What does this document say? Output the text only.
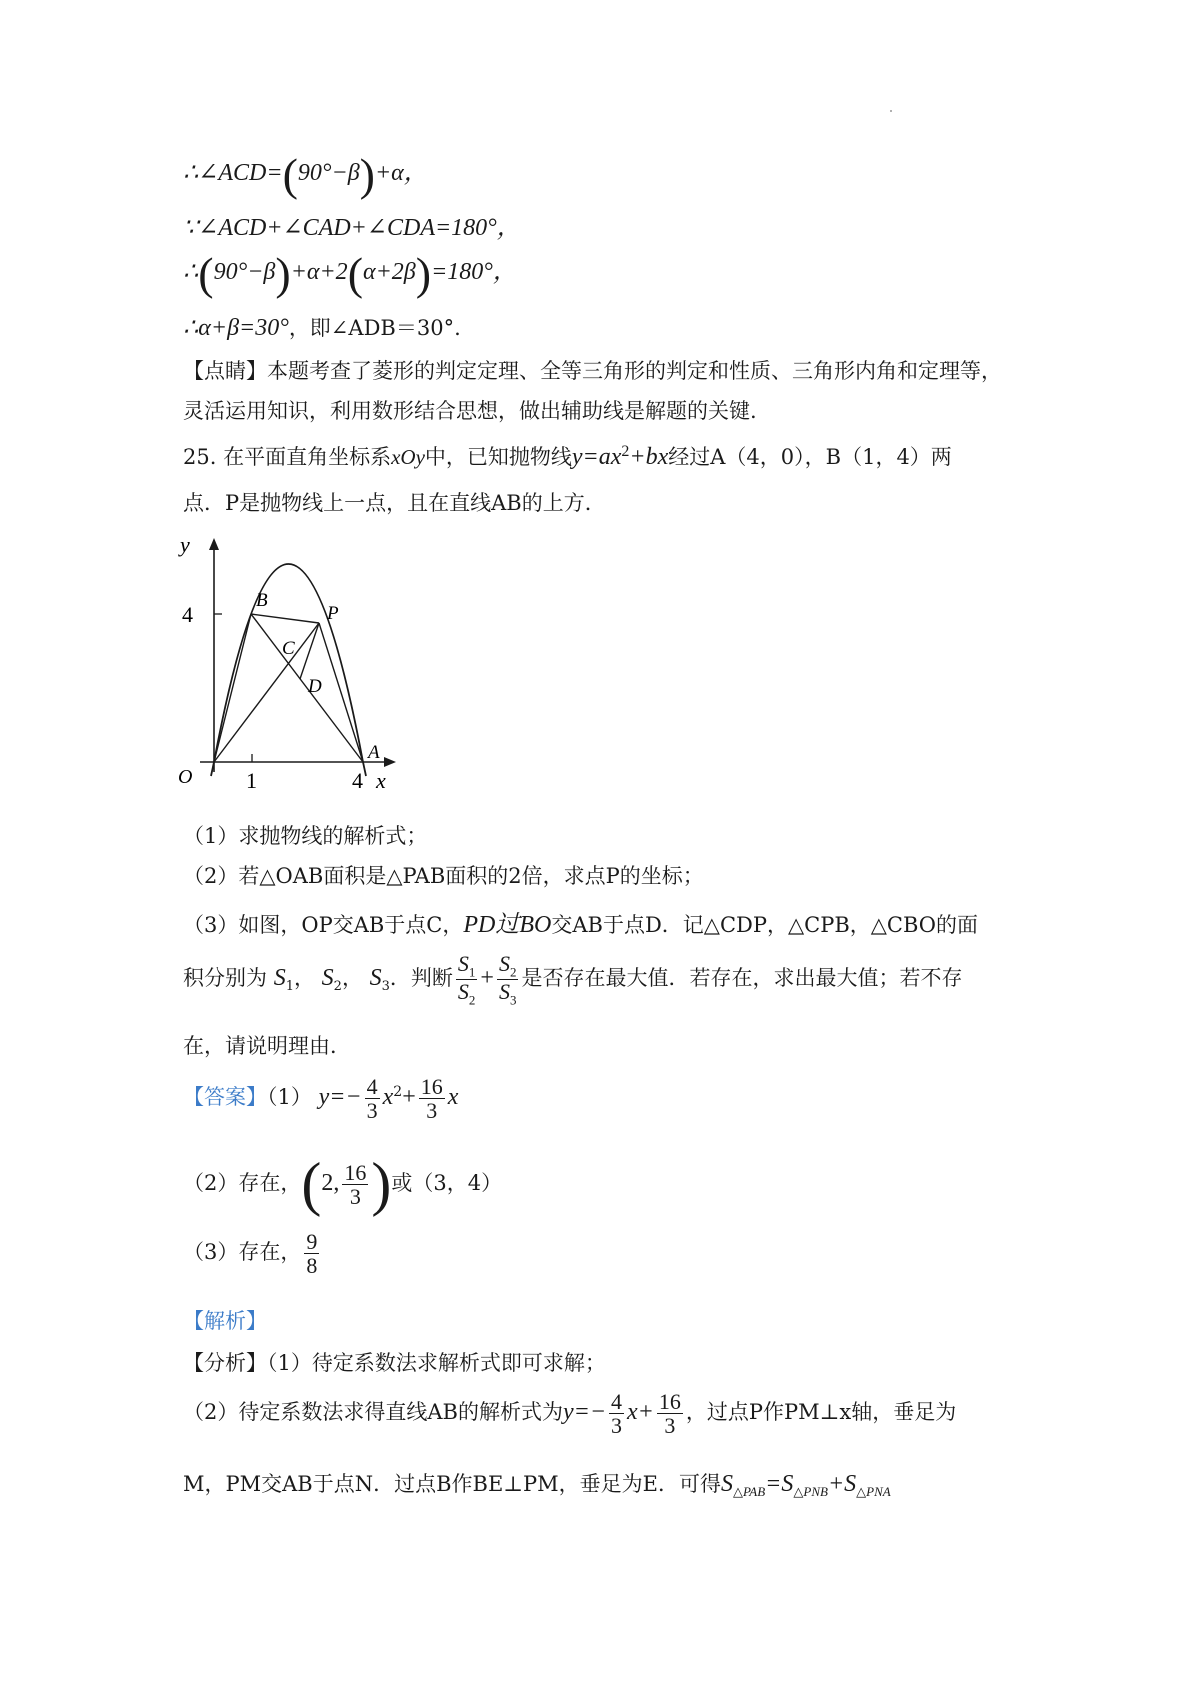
∴∠ACD=(90°−β)+α，
∵∠ACD+∠CAD+∠CDA=180°，
∴(90°−β)+α+2(α+2β)=180°，
∴α+β=30°，即∠ADB＝30°.
【点睛】本题考查了菱形的判定定理、全等三角形的判定和性质、三角形内角和定理等，
灵活运用知识，利用数形结合思想，做出辅助线是解题的关键.
25. 在平面直角坐标系xOy中，已知抛物线$y=ax^2+bx$经过A（4，0），B（1，4）两
点．P是抛物线上一点，且在直线AB的上方．
y
4
O 1	4 x
A
B
P
C
D
（1）求抛物线的解析式；
（2）若△OAB面积是△PAB面积的2倍，求点P的坐标；
（3）如图，OP交AB于点C，PD过BO交AB于点D．记△CDP，△CPB，△CBO的面
积分别为 $S_1$， $S_2$， $S_3$．判断 $\frac{S_1}{S_2} + \frac{S_2}{S_3}$ 是否存在最大值．若存在，求出最大值；若不存
在，请说明理由．
【答案】（1） $y=- \frac{4}{3} x^2+ \frac{16}{3}$ x
（2）存在，(2, $\frac{16}{3}$ )或（3，4）
（3）存在， $\frac{9}{8}$
【解析】
【分析】（1）待定系数法求解析式即可求解；
（2）待定系数法求得直线AB的解析式为$y=- \frac{4}{3} x+ \frac{16}{3}$ ，过点P作PM⊥x轴，垂足为
M，PM交AB于点N．过点B作BE⊥PM，垂足为E．可得$S_{\triangle PAB}=S_{\triangle PNB}+S_{\triangle PNA}$
